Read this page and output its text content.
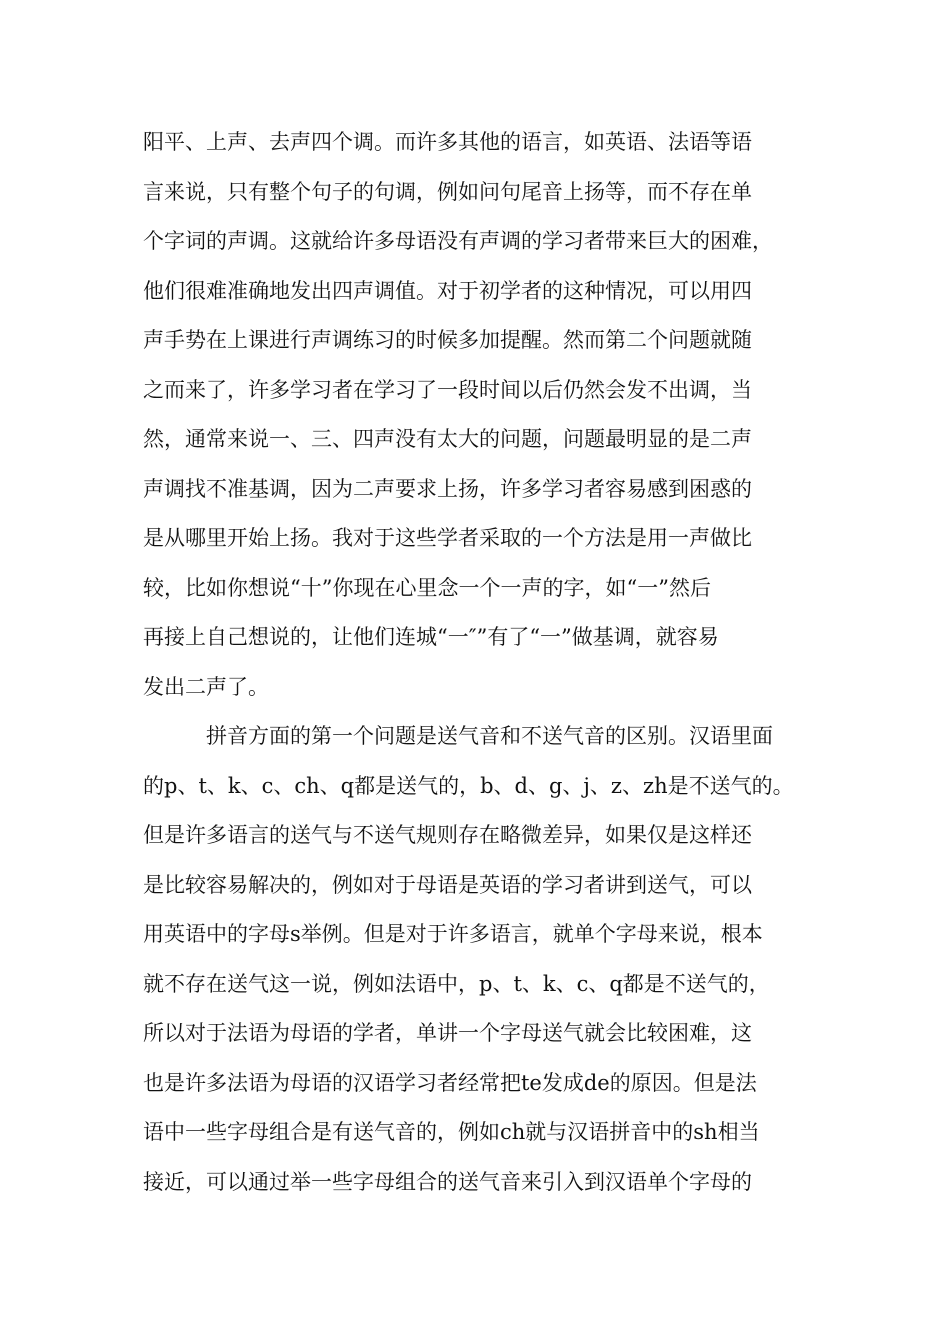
阳平、上声、去声四个调。而许多其他的语言，如英语、法语等语
言来说，只有整个句子的句调，例如问句尾音上扬等，而不存在单
个字词的声调。这就给许多母语没有声调的学习者带来巨大的困难，
他们很难准确地发出四声调值。对于初学者的这种情况，可以用四
声手势在上课进行声调练习的时候多加提醒。然而第二个问题就随
之而来了，许多学习者在学习了一段时间以后仍然会发不出调，当
然，通常来说一、三、四声没有太大的问题，问题最明显的是二声
声调找不准基调，因为二声要求上扬，许多学习者容易感到困惑的
是从哪里开始上扬。我对于这些学者采取的一个方法是用一声做比
较，比如你想说“十”你现在心里念一个一声的字，如“一”然后
再接上自己想说的，让他们连城“一″”有了“一”做基调，就容易
发出二声了。
拼音方面的第一个问题是送气音和不送气音的区别。汉语里面
的p、t、k、c、ch、q都是送气的，b、d、g、j、z、zh是不送气的。
但是许多语言的送气与不送气规则存在略微差异，如果仅是这样还
是比较容易解决的，例如对于母语是英语的学习者讲到送气，可以
用英语中的字母s举例。但是对于许多语言，就单个字母来说，根本
就不存在送气这一说，例如法语中，p、t、k、c、q都是不送气的，
所以对于法语为母语的学者，单讲一个字母送气就会比较困难，这
也是许多法语为母语的汉语学习者经常把te发成de的原因。但是法
语中一些字母组合是有送气音的，例如ch就与汉语拼音中的sh相当
接近，可以通过举一些字母组合的送气音来引入到汉语单个字母的
